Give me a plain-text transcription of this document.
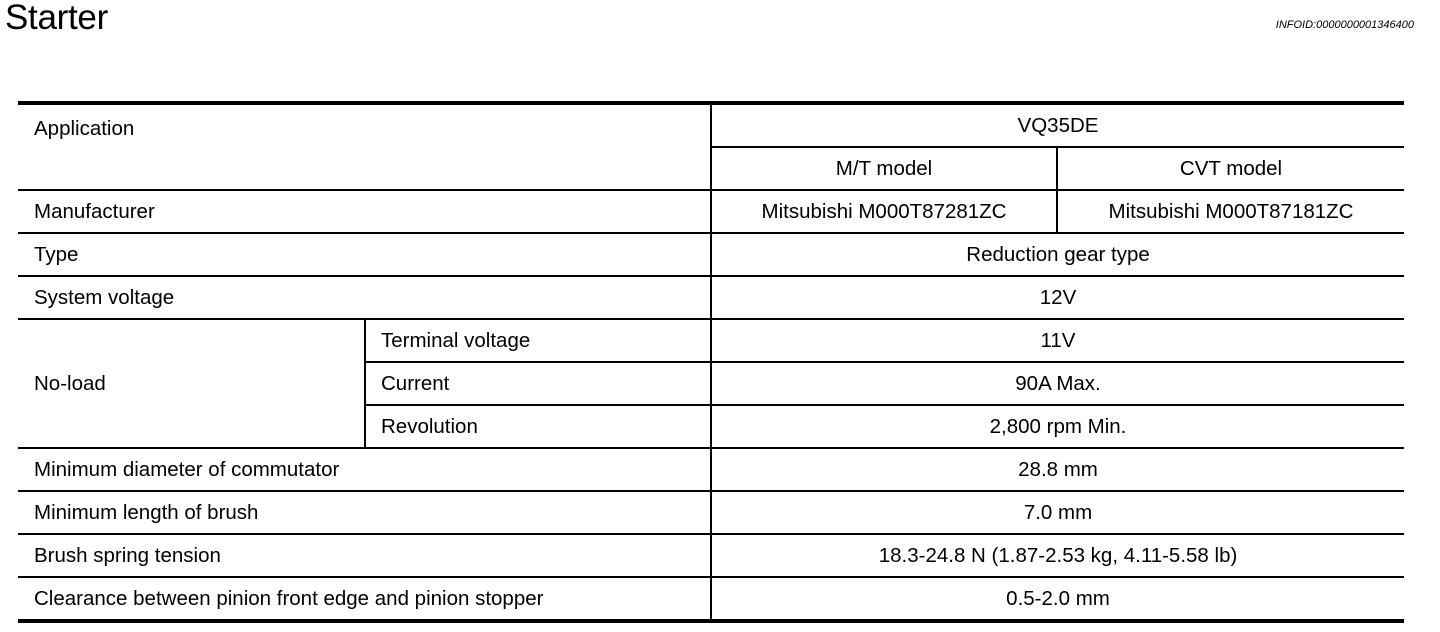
Starter	INFOID:0000000001346400
Application		VQ35DE	
		M/T model	CVT model
Manufacturer		Mitsubishi M000T87281ZC	Mitsubishi M000T87181ZC
Type		Reduction gear type	
System voltage		12V	
No-load	Terminal voltage	11V	
	Current	90A Max.	
	Revolution	2,800 rpm Min.	
Minimum diameter of commutator		28.8 mm	
Minimum length of brush		7.0 mm	
Brush spring tension		18.3-24.8 N (1.87-2.53 kg, 4.11-5.58 lb)	
Clearance between pinion front edge and pinion stopper		0.5-2.0 mm	
